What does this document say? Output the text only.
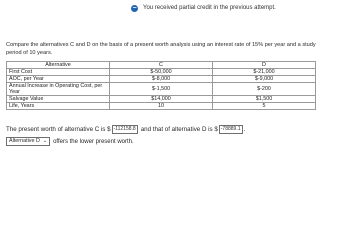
− You received partial credit in the previous attempt.
Compare the alternatives C and D on the basis of a present worth analysis using an interest rate of 15% per year and a study period of 10 years.
Alternative	C	D
First Cost	$-50,000	$-21,000
AOC, per Year	$-8,000	$-9,000
Annual Increase in Operating Cost, per Year	$-1,500	$-200
Salvage Value	$14,000	$1,500
Life, Years	10	5
The present worth of alternative C is $ -112158.8 and that of alternative D is $ -78889.1 .
Alternative D ⌄ offers the lower present worth.
